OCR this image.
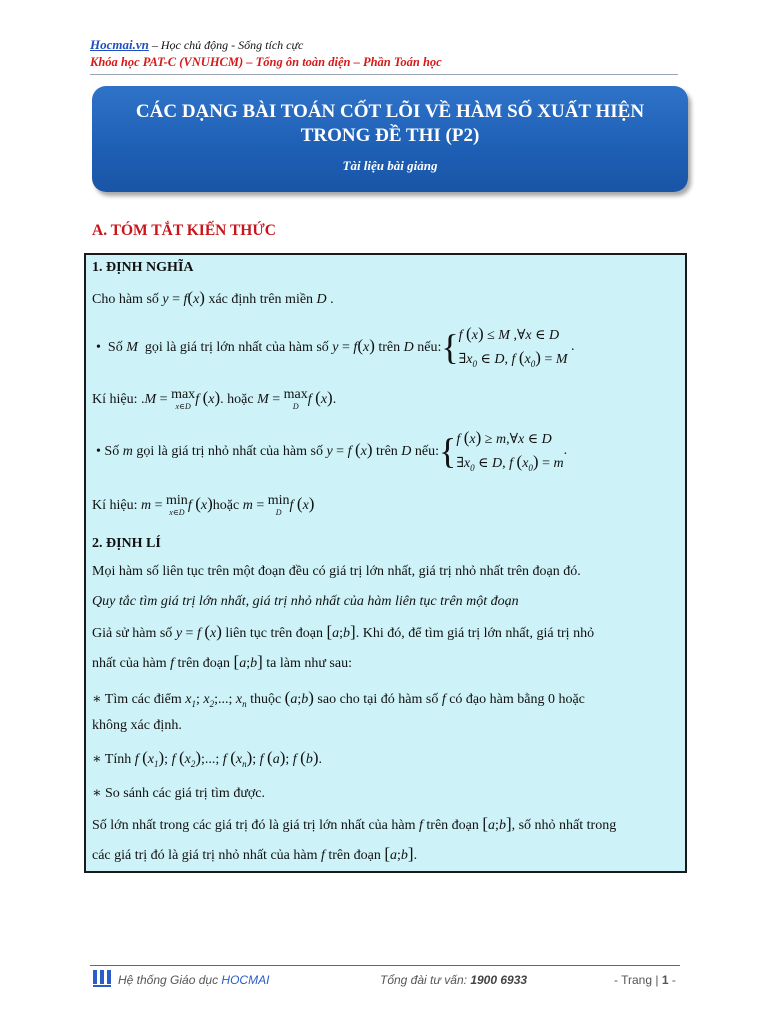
Hocmai.vn – Học chủ động - Sống tích cực
Khóa học PAT-C (VNUHCM) – Tổng ôn toàn diện – Phần Toán học
CÁC DẠNG BÀI TOÁN CỐT LÕI VỀ HÀM SỐ XUẤT HIỆN TRONG ĐỀ THI (P2)
Tài liệu bài giảng
A. TÓM TẮT KIẾN THỨC
1. ĐỊNH NGHĨA
Cho hàm số y = f(x) xác định trên miền D .
•  Số M  gọi là giá trị lớn nhất của hàm số y = f(x) trên D nếu:{f (x) ≤ M ,∀x ∈ D
$\exists x_0$ ∈ D, f $(x_0) = M$ .
Kí hiệu: .M = max
x∈D f (x). hoặc M = max
D f (x).
• Số m gọi là giá trị nhỏ nhất của hàm số y = f (x) trên D nếu:{f (x) ≥ m,∀x ∈ D
$\exists x_0$ ∈ D, f $(x_0) = m$.
Kí hiệu: m = min
x∈D f (x)hoặc m = min
D f (x)
2. ĐỊNH LÍ
Mọi hàm số liên tục trên một đoạn đều có giá trị lớn nhất, giá trị nhỏ nhất trên đoạn đó.
Quy tắc tìm giá trị lớn nhất, giá trị nhỏ nhất của hàm liên tục trên một đoạn
Giả sử hàm số y = f (x) liên tục trên đoạn [a;b]. Khi đó, để tìm giá trị lớn nhất, giá trị nhỏ
nhất của hàm f trên đoạn [a;b] ta làm như sau:
∗ Tìm các điểm $x_1$; $x_2$;...; $x_n$ thuộc (a;b) sao cho tại đó hàm số f có đạo hàm bằng 0 hoặc
không xác định.
∗ Tính f $(x_1)$; f $(x_2)$;...; f $(x_n)$; f (a); f (b).
∗ So sánh các giá trị tìm được.
Số lớn nhất trong các giá trị đó là giá trị lớn nhất của hàm f trên đoạn [a;b], số nhỏ nhất trong
các giá trị đó là giá trị nhỏ nhất của hàm f trên đoạn [a;b].
Hệ thống Giáo dục HOCMAI	Tổng đài tư vấn: 1900 6933	- Trang | 1 -
